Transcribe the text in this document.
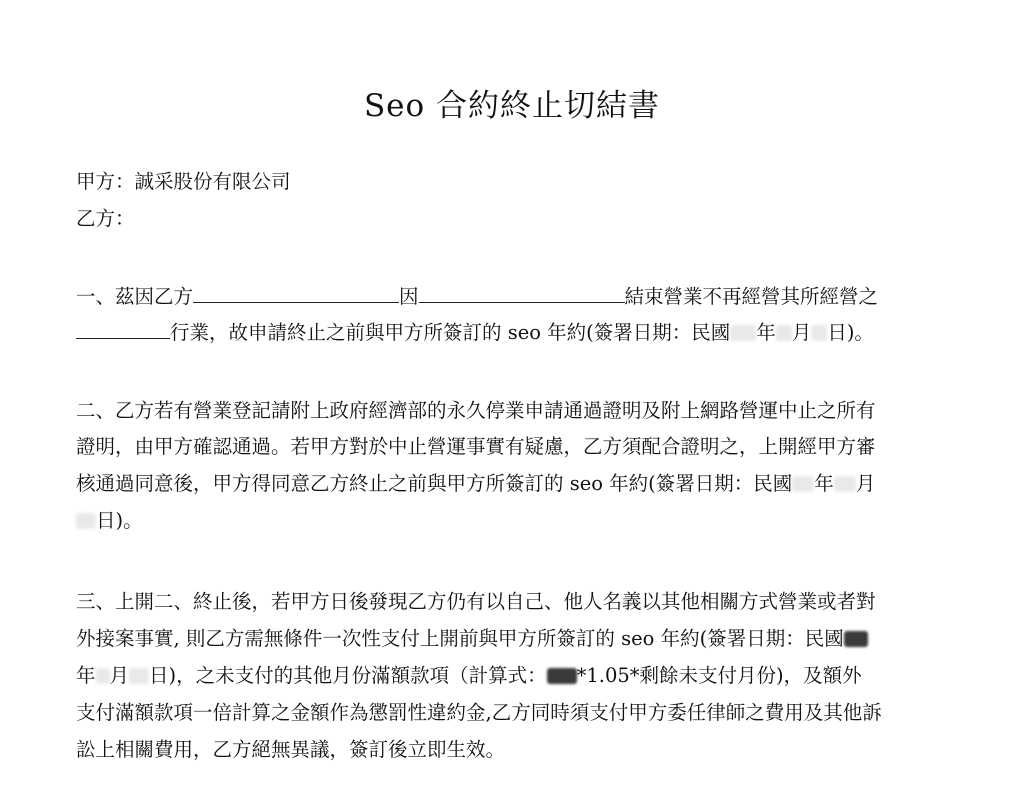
Seo 合約終止切結書

甲方：誠采股份有限公司

乙方：

一、茲因乙方	因	結束營業不再經營其所經營之

行業，故申請終止之前與甲方所簽訂的 seo 年約(簽署日期：民國 年 月 日)。

二、乙方若有營業登記請附上政府經濟部的永久停業申請通過證明及附上網路營運中止之所有

證明，由甲方確認通過。若甲方對於中止營運事實有疑慮，乙方須配合證明之，上開經甲方審

核通過同意後，甲方得同意乙方終止之前與甲方所簽訂的 seo 年約(簽署日期：民國 年 月

日)。

三、上開二、終止後，若甲方日後發現乙方仍有以自己、他人名義以其他相關方式營業或者對

外接案事實, 則乙方需無條件一次性支付上開前與甲方所簽訂的 seo 年約(簽署日期：民國

年 月 日)，之未支付的其他月份滿額款項（計算式： *1.05*剩餘未支付月份)，及額外

支付滿額款項一倍計算之金額作為懲罰性違約金,乙方同時須支付甲方委任律師之費用及其他訴

訟上相關費用，乙方絕無異議，簽訂後立即生效。
